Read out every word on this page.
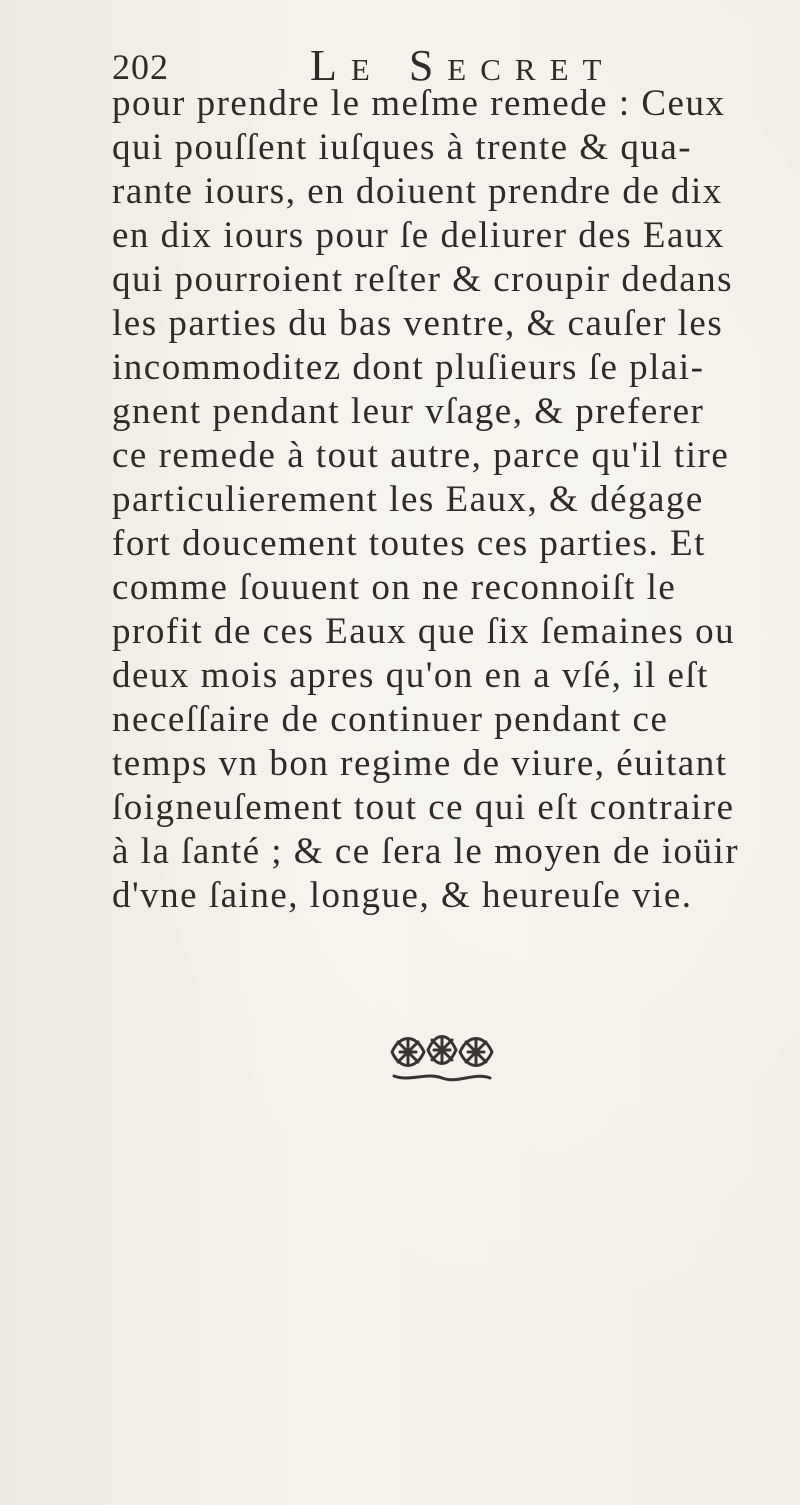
202	Le Secret
pour prendre le meſme remede : Ceux
qui pouſſent iuſques à trente & qua-
rante iours, en doiuent prendre de dix
en dix iours pour ſe deliurer des Eaux
qui pourroient reſter & croupir dedans
les parties du bas ventre, & cauſer les
incommoditez dont pluſieurs ſe plai-
gnent pendant leur vſage, & preferer
ce remede à tout autre, parce qu'il tire
particulierement les Eaux, & dégage
fort doucement toutes ces parties. Et
comme ſouuent on ne reconnoiſt le
profit de ces Eaux que ſix ſemaines ou
deux mois apres qu'on en a vſé, il eſt
neceſſaire de continuer pendant ce
temps vn bon regime de viure, éuitant
ſoigneuſement tout ce qui eſt contraire
à la ſanté ; & ce ſera le moyen de ioüir
d'vne ſaine, longue, & heureuſe vie.
